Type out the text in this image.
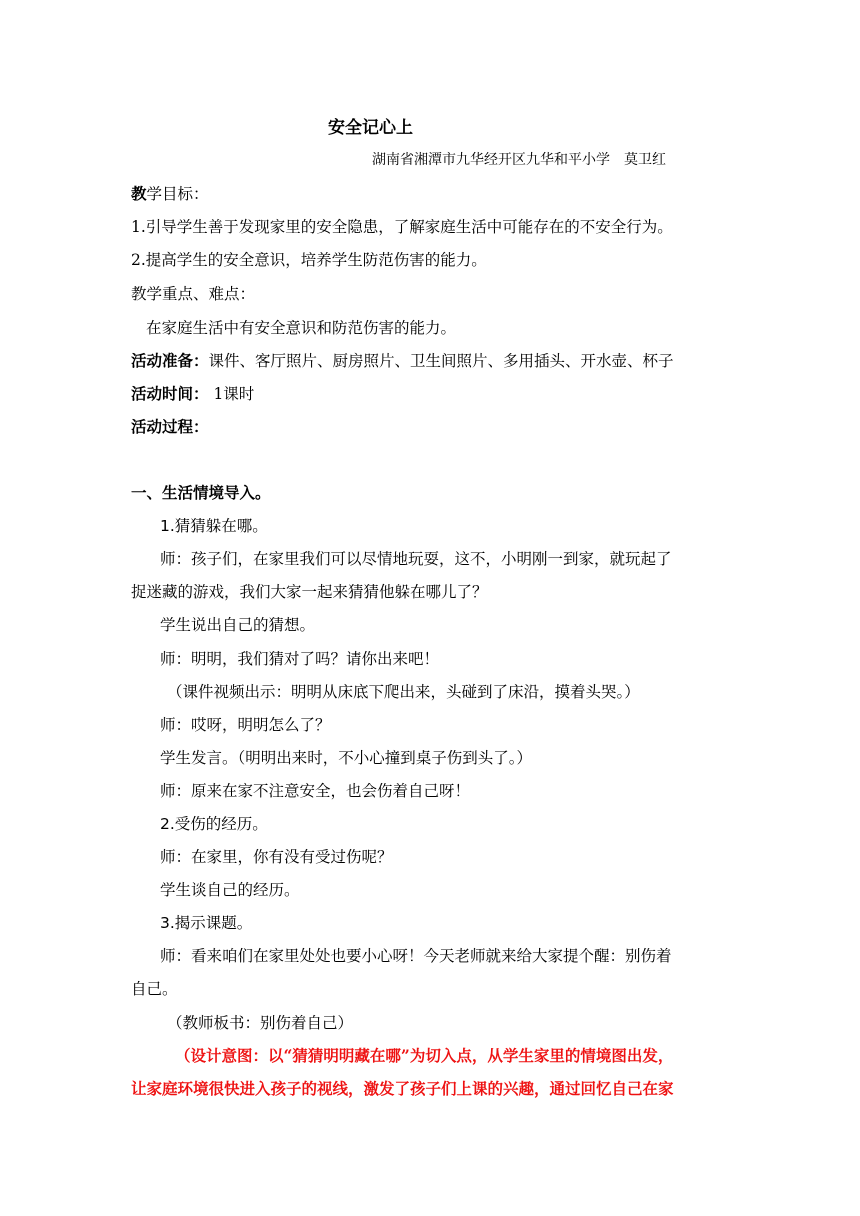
安全记心上
湖南省湘潭市九华经开区九华和平小学　莫卫红
教学目标：
1.引导学生善于发现家里的安全隐患，了解家庭生活中可能存在的不安全行为。
2.提高学生的安全意识，培养学生防范伤害的能力。
教学重点、难点：
在家庭生活中有安全意识和防范伤害的能力。
活动准备：课件、客厅照片、厨房照片、卫生间照片、多用插头、开水壶、杯子
活动时间： 1课时
活动过程：
一、生活情境导入。
1.猜猜躲在哪。
师：孩子们，在家里我们可以尽情地玩耍，这不，小明刚一到家，就玩起了
捉迷藏的游戏，我们大家一起来猜猜他躲在哪儿了？
学生说出自己的猜想。
师：明明，我们猜对了吗？请你出来吧！
（课件视频出示：明明从床底下爬出来，头碰到了床沿，摸着头哭。）
师：哎呀，明明怎么了？
学生发言。（明明出来时，不小心撞到桌子伤到头了。）
师：原来在家不注意安全，也会伤着自己呀！
2.受伤的经历。
师：在家里，你有没有受过伤呢？
学生谈自己的经历。
3.揭示课题。
师：看来咱们在家里处处也要小心呀！今天老师就来给大家提个醒：别伤着
自己。
（教师板书：别伤着自己）
（设计意图：以“猜猜明明藏在哪”为切入点，从学生家里的情境图出发，
让家庭环境很快进入孩子的视线，激发了孩子们上课的兴趣，通过回忆自己在家
